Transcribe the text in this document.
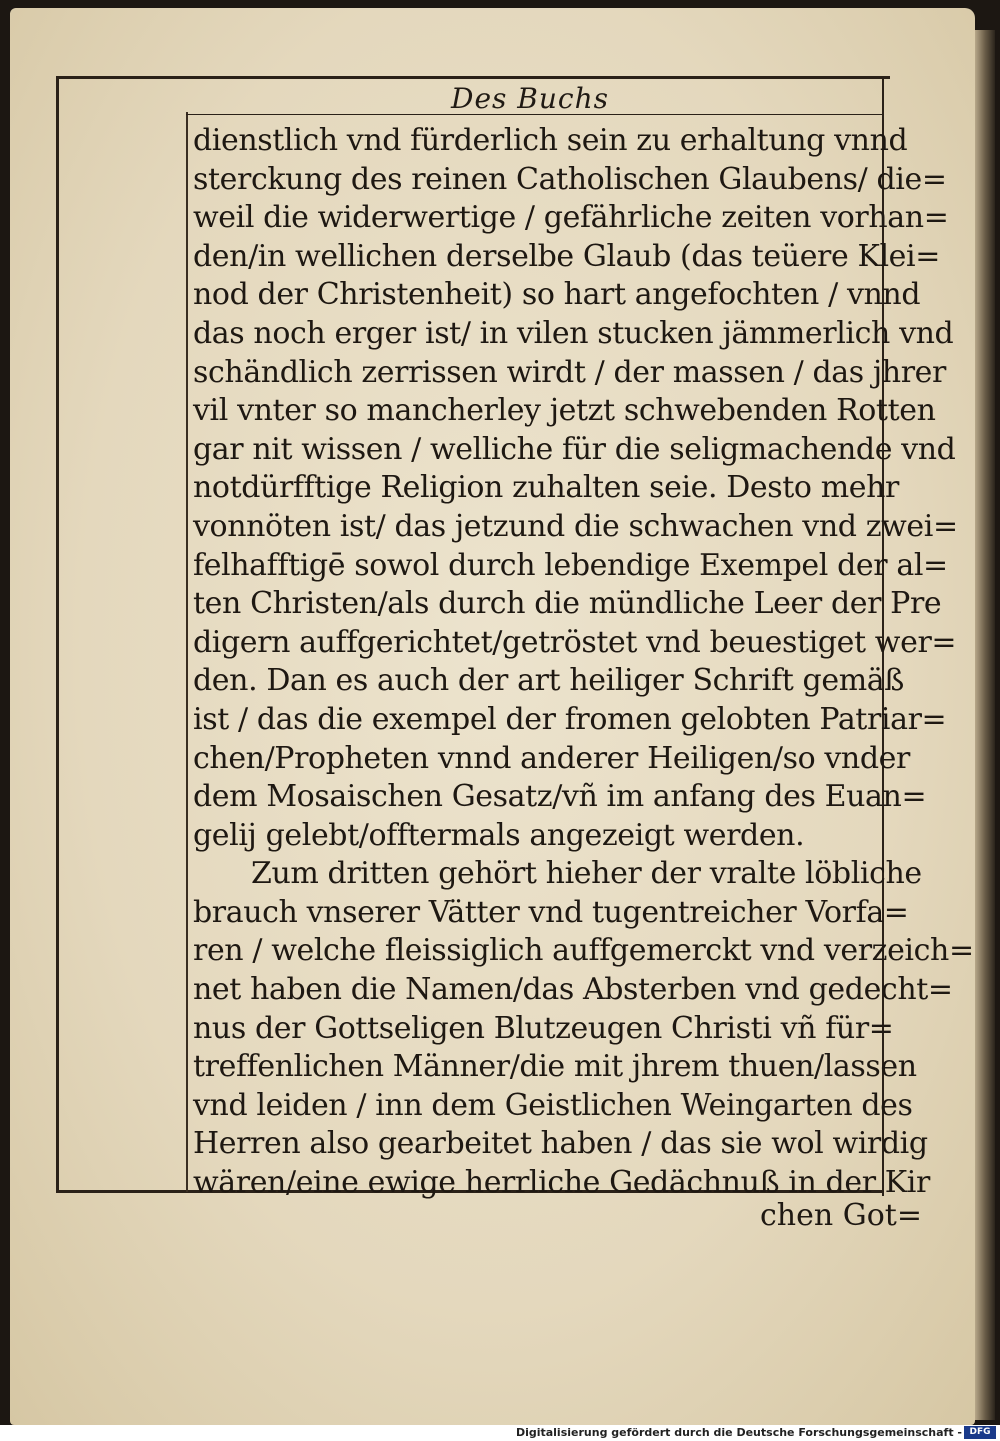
Des Buchs
dienstlich vnd fürderlich sein zu erhaltung vnnd
sterckung des reinen Catholischen Glaubens/ die=
weil die widerwertige / gefährliche zeiten vorhan=
den/in wellichen derselbe Glaub (das teüere Klei=
nod der Christenheit) so hart angefochten / vnnd
das noch erger ist/ in vilen stucken jämmerlich vnd
schändlich zerrissen wirdt / der massen / das jhrer
vil vnter so mancherley jetzt schwebenden Rotten
gar nit wissen / welliche für die seligmachende vnd
notdürfftige Religion zuhalten seie. Desto mehr
vonnöten ist/ das jetzund die schwachen vnd zwei=
felhafftigē sowol durch lebendige Exempel der al=
ten Christen/als durch die mündliche Leer der Pre
digern auffgerichtet/getröstet vnd beuestiget wer=
den. Dan es auch der art heiliger Schrift gemäß
ist / das die exempel der fromen gelobten Patriar=
chen/Propheten vnnd anderer Heiligen/so vnder
dem Mosaischen Gesatz/vñ im anfang des Euan=
gelij gelebt/offtermals angezeigt werden.
Zum dritten gehört hieher der vralte löbliche
brauch vnserer Vätter vnd tugentreicher Vorfa=
ren / welche fleissiglich auffgemerckt vnd verzeich=
net haben die Namen/das Absterben vnd gedecht=
nus der Gottseligen Blutzeugen Christi vñ für=
treffenlichen Männer/die mit jhrem thuen/lassen
vnd leiden / inn dem Geistlichen Weingarten des
Herren also gearbeitet haben / das sie wol wirdig
wären/eine ewige herrliche Gedächnuß in der Kir
chen Got=
Digitalisierung gefördert durch die Deutsche Forschungsgemeinschaft - DFG
